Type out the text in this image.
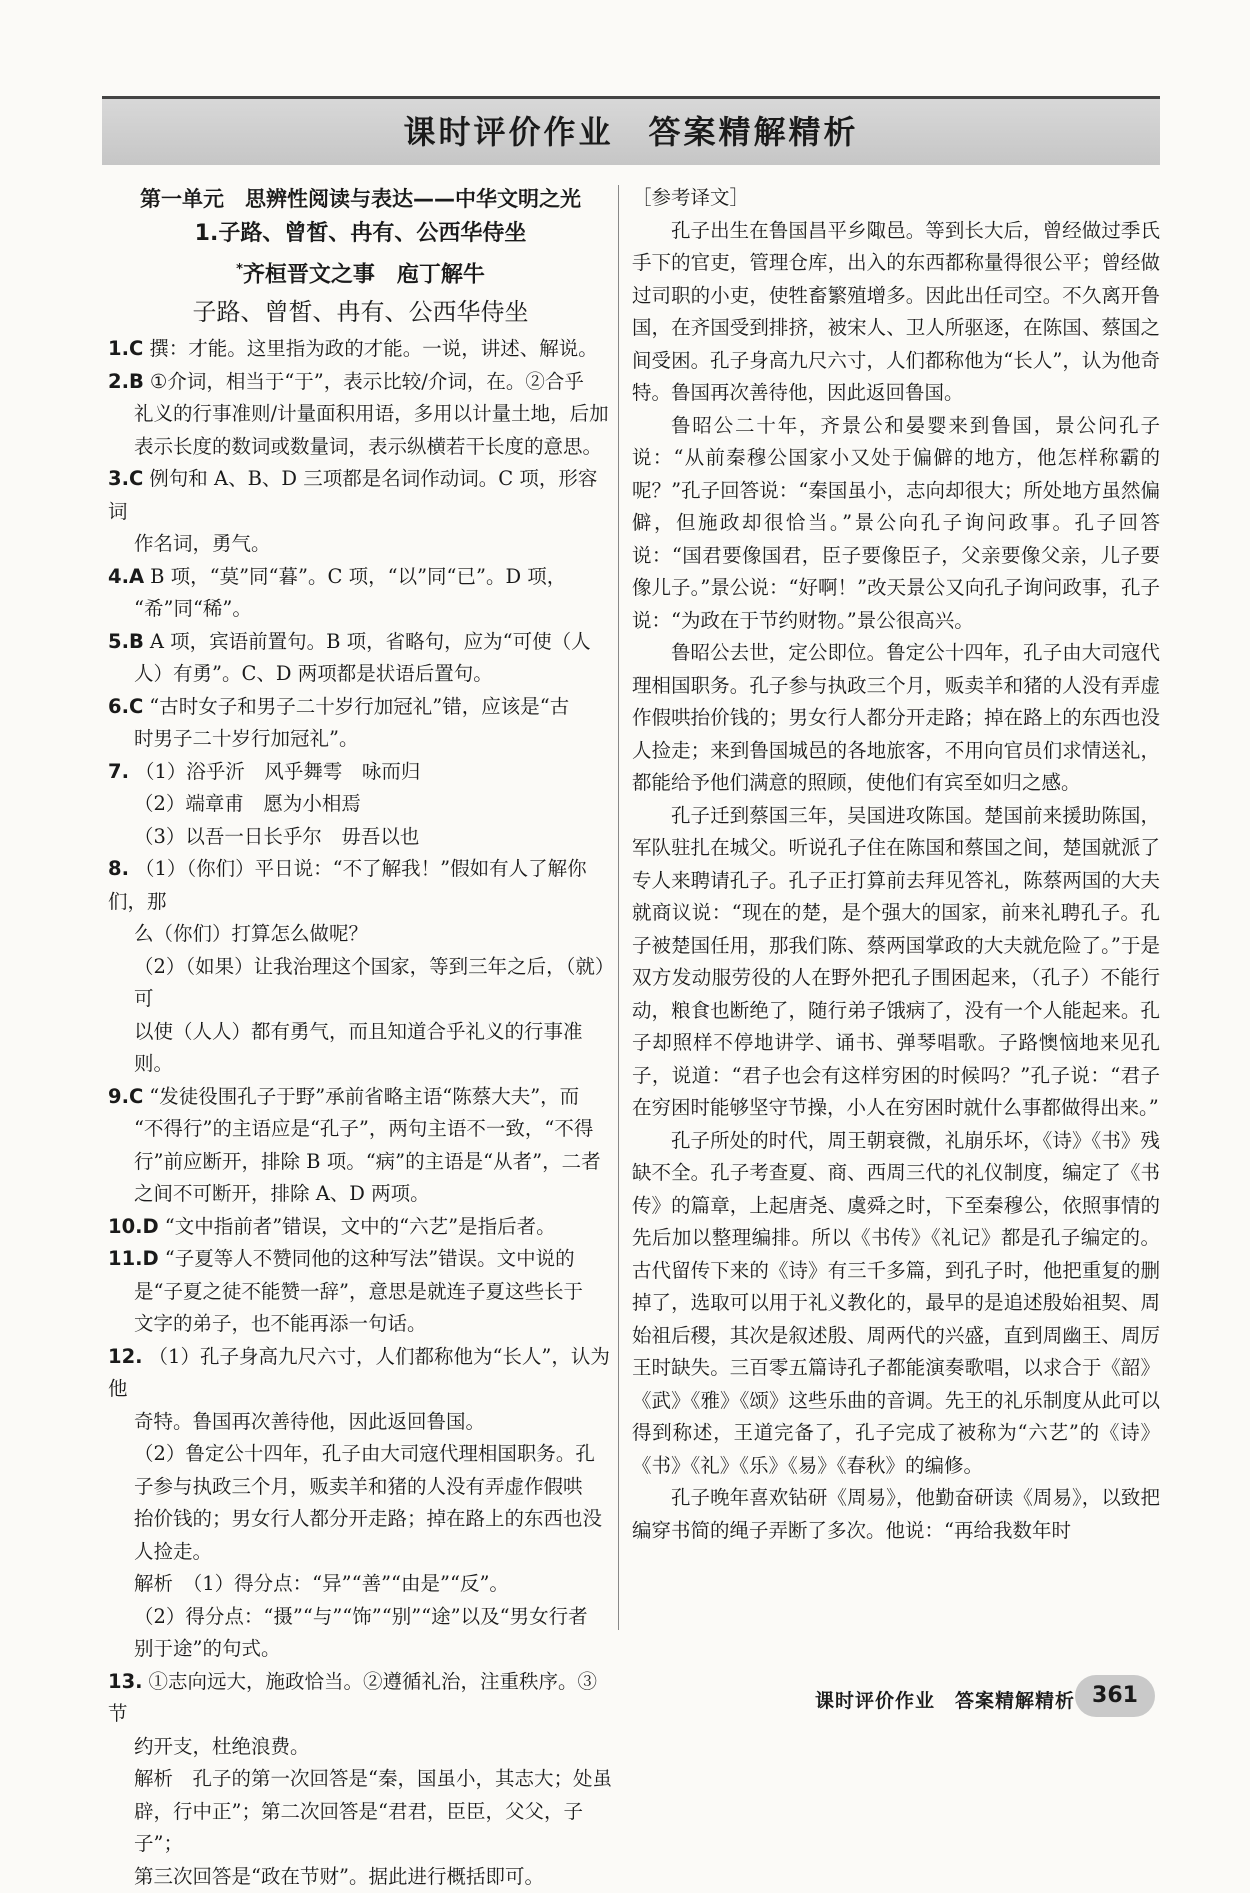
课时评价作业　答案精解精析
第一单元　思辨性阅读与表达——中华文明之光
1.子路、曾皙、冉有、公西华侍坐
*齐桓晋文之事　庖丁解牛
子路、曾皙、冉有、公西华侍坐
1.C 撰：才能。这里指为政的才能。一说，讲述、解说。
2.B ①介词，相当于“于”，表示比较/介词，在。②合乎
礼义的行事准则/计量面积用语，多用以计量土地，后加
表示长度的数词或数量词，表示纵横若干长度的意思。
3.C 例句和 A、B、D 三项都是名词作动词。C 项，形容词
作名词，勇气。
4.A B 项，“莫”同“暮”。C 项，“以”同“已”。D 项，
“希”同“稀”。
5.B A 项，宾语前置句。B 项，省略句，应为“可使（人
人）有勇”。C、D 两项都是状语后置句。
6.C “古时女子和男子二十岁行加冠礼”错，应该是“古
时男子二十岁行加冠礼”。
7. （1）浴乎沂　风乎舞雩　咏而归
（2）端章甫　愿为小相焉
（3）以吾一日长乎尔　毋吾以也
8. （1）（你们）平日说：“不了解我！”假如有人了解你们，那
么（你们）打算怎么做呢？
（2）（如果）让我治理这个国家，等到三年之后，（就）可
以使（人人）都有勇气，而且知道合乎礼义的行事准则。
9.C “发徒役围孔子于野”承前省略主语“陈蔡大夫”，而
“不得行”的主语应是“孔子”，两句主语不一致，“不得
行”前应断开，排除 B 项。“病”的主语是“从者”，二者
之间不可断开，排除 A、D 两项。
10.D “文中指前者”错误，文中的“六艺”是指后者。
11.D “子夏等人不赞同他的这种写法”错误。文中说的
是“子夏之徒不能赞一辞”，意思是就连子夏这些长于
文字的弟子，也不能再添一句话。
12. （1）孔子身高九尺六寸，人们都称他为“长人”，认为他
奇特。鲁国再次善待他，因此返回鲁国。
（2）鲁定公十四年，孔子由大司寇代理相国职务。孔
子参与执政三个月，贩卖羊和猪的人没有弄虚作假哄
抬价钱的；男女行人都分开走路；掉在路上的东西也没
人捡走。
解析　（1）得分点：“异”“善”“由是”“反”。
（2）得分点：“摄”“与”“饰”“别”“途”以及“男女行者
别于途”的句式。
13. ①志向远大，施政恰当。②遵循礼治，注重秩序。③节
约开支，杜绝浪费。
解析　孔子的第一次回答是“秦，国虽小，其志大；处虽
辟，行中正”；第二次回答是“君君，臣臣，父父，子子”；
第三次回答是“政在节财”。据此进行概括即可。
［参考译文］

孔子出生在鲁国昌平乡陬邑。等到长大后，曾经做过季氏手下的官吏，管理仓库，出入的东西都称量得很公平；曾经做过司职的小吏，使牲畜繁殖增多。因此出任司空。不久离开鲁国，在齐国受到排挤，被宋人、卫人所驱逐，在陈国、蔡国之间受困。孔子身高九尺六寸，人们都称他为“长人”，认为他奇特。鲁国再次善待他，因此返回鲁国。

鲁昭公二十年，齐景公和晏婴来到鲁国，景公问孔子说：“从前秦穆公国家小又处于偏僻的地方，他怎样称霸的呢？”孔子回答说：“秦国虽小，志向却很大；所处地方虽然偏僻，但施政却很恰当。”景公向孔子询问政事。孔子回答说：“国君要像国君，臣子要像臣子，父亲要像父亲，儿子要像儿子。”景公说：“好啊！”改天景公又向孔子询问政事，孔子说：“为政在于节约财物。”景公很高兴。

鲁昭公去世，定公即位。鲁定公十四年，孔子由大司寇代理相国职务。孔子参与执政三个月，贩卖羊和猪的人没有弄虚作假哄抬价钱的；男女行人都分开走路；掉在路上的东西也没人捡走；来到鲁国城邑的各地旅客，不用向官员们求情送礼，都能给予他们满意的照顾，使他们有宾至如归之感。

孔子迁到蔡国三年，吴国进攻陈国。楚国前来援助陈国，军队驻扎在城父。听说孔子住在陈国和蔡国之间，楚国就派了专人来聘请孔子。孔子正打算前去拜见答礼，陈蔡两国的大夫就商议说：“现在的楚，是个强大的国家，前来礼聘孔子。孔子被楚国任用，那我们陈、蔡两国掌政的大夫就危险了。”于是双方发动服劳役的人在野外把孔子围困起来，（孔子）不能行动，粮食也断绝了，随行弟子饿病了，没有一个人能起来。孔子却照样不停地讲学、诵书、弹琴唱歌。子路懊恼地来见孔子，说道：“君子也会有这样穷困的时候吗？”孔子说：“君子在穷困时能够坚守节操，小人在穷困时就什么事都做得出来。”

孔子所处的时代，周王朝衰微，礼崩乐坏，《诗》《书》残缺不全。孔子考查夏、商、西周三代的礼仪制度，编定了《书传》的篇章，上起唐尧、虞舜之时，下至秦穆公，依照事情的先后加以整理编排。所以《书传》《礼记》都是孔子编定的。古代留传下来的《诗》有三千多篇，到孔子时，他把重复的删掉了，选取可以用于礼义教化的，最早的是追述殷始祖契、周始祖后稷，其次是叙述殷、周两代的兴盛，直到周幽王、周厉王时缺失。三百零五篇诗孔子都能演奏歌唱，以求合于《韶》《武》《雅》《颂》这些乐曲的音调。先王的礼乐制度从此可以得到称述，王道完备了，孔子完成了被称为“六艺”的《诗》《书》《礼》《乐》《易》《春秋》的编修。

孔子晚年喜欢钻研《周易》，他勤奋研读《周易》，以致把编穿书简的绳子弄断了多次。他说：“再给我数年时

课时评价作业　答案精解精析 361
